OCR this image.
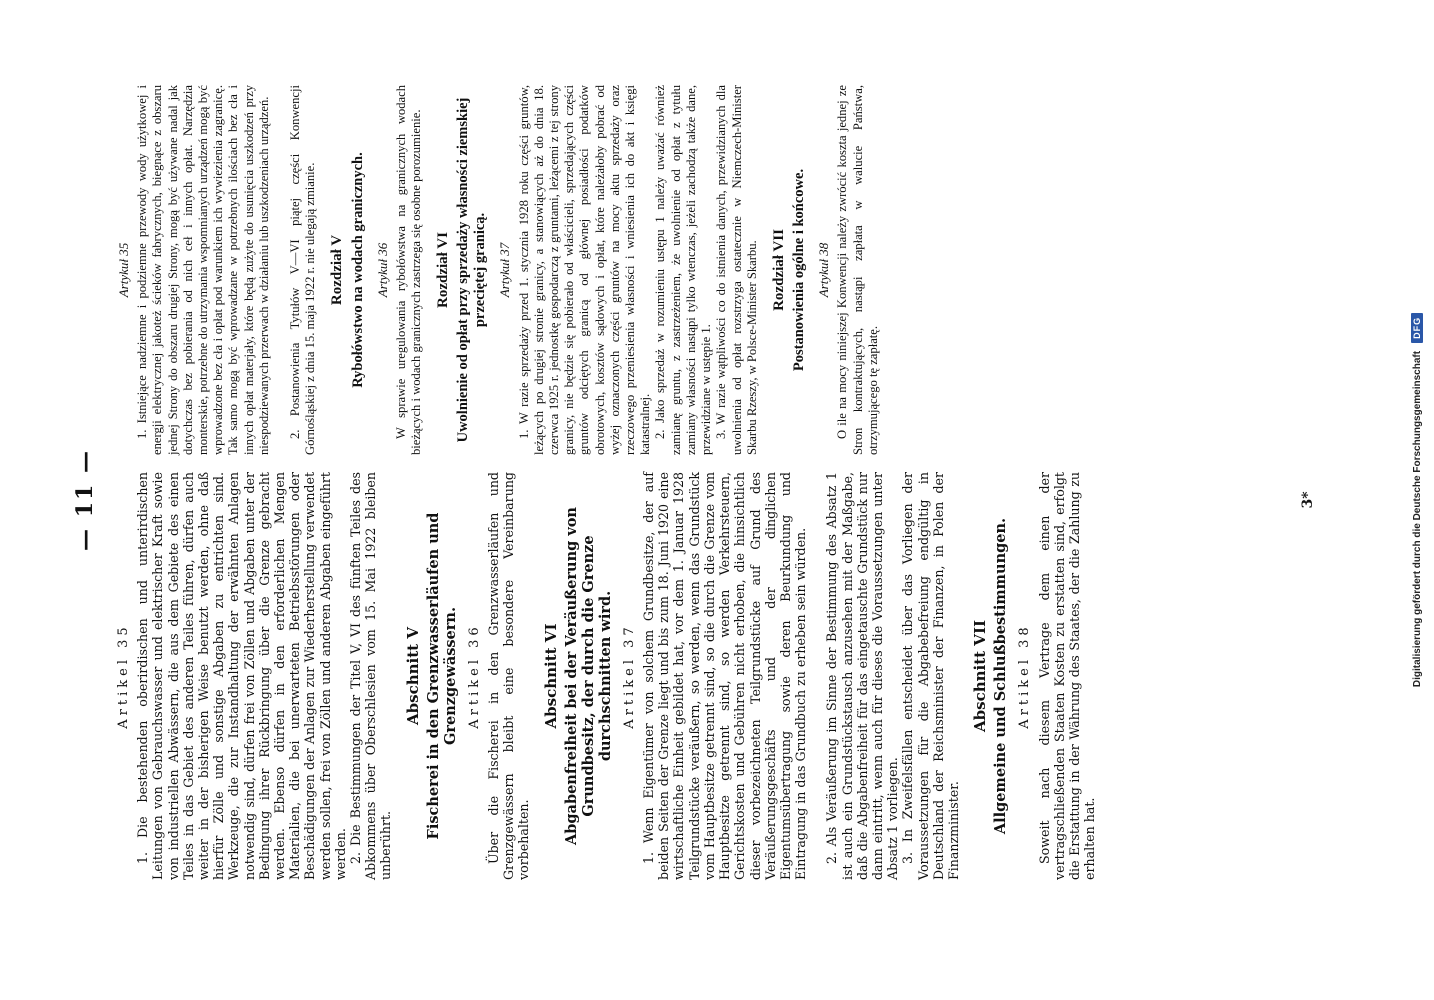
— 11 —
Artikel 35 1. Die bestehenden oberirdischen und unterirdischen Leitungen von Gebrauchswasser und elektrischer Kraft sowie von industriellen Abwässern, die aus dem Gebiete des einen Teiles in das Gebiet des anderen Teiles führen, dürfen auch weiter in der bisherigen Weise benutzt werden, ohne daß hierfür Zölle und sonstige Abgaben zu entrichten sind. Werkzeuge, die zur Instandhaltung der erwähnten Anlagen notwendig sind, dürfen frei von Zöllen und Abgaben unter der Bedingung ihrer Rückbringung über die Grenze gebracht werden. Ebenso dürfen in den erforderlichen Mengen Materialien, die bei unerwarteten Betriebsstörungen oder Beschädigungen der Anlagen zur Wiederherstellung verwendet werden sollen, frei von Zöllen und anderen Abgaben eingeführt werden. 2. Die Bestimmungen der Titel V, VI des fünften Teiles des Abkommens über Oberschlesien vom 15. Mai 1922 bleiben unberührt.

Abschnitt V Fischerei in den Grenzwasserläufen und Grenzgewässern. Artikel 36 Über die Fischerei in den Grenzwasserläufen und Grenzgewässern bleibt eine besondere Vereinbarung vorbehalten.

Abschnitt VI Abgabenfreiheit bei der Veräußerung von Grundbesitz, der durch die Grenze durchschnitten wird. Artikel 37 1. Wenn Eigentümer von solchem Grundbesitze, der auf beiden Seiten der Grenze liegt und bis zum 18. Juni 1920 eine wirtschaftliche Einheit gebildet hat, vor dem 1. Januar 1928 Teilgrundstücke veräußern, so werden, wenn das Grundstück vom Hauptbesitze getrennt sind, so die durch die Grenze vom Hauptbesitze getrennt sind, so werden Verkehrsteuern, Gerichtskosten und Gebühren nicht erhoben, die hinsichtlich dieser vorbezeichneten Teilgrundstücke auf Grund des Veräußerungsgeschäfts und der dinglichen Eigentumsübertragung sowie deren Beurkundung und Eintragung in das Grundbuch zu erheben sein würden. 2. Als Veräußerung im Sinne der Bestimmung des Absatz 1 ist auch ein Grundstückstausch anzusehen mit der Maßgabe, daß die Abgabenfreiheit für das eingetauschte Grundstück nur dann eintritt, wenn auch für dieses die Voraussetzungen unter Absatz 1 vorliegen. 3. In Zweifelsfällen entscheidet über das Vorliegen der Voraussetzungen für die Abgabebefreiung endgültig in Deutschland der Reichsminister der Finanzen, in Polen der Finanzminister.

Abschnitt VII Allgemeine und Schlußbestimmungen. Artikel 38 Soweit nach diesem Vertrage dem einen der vertragschließenden Staaten Kosten zu erstatten sind, erfolgt die Erstattung in der Währung des Staates, der die Zahlung zu erhalten hat.

Artykuł 35 1. Istniejące nadziemne i podziemne przewody wody użytkowej i energji elektrycznej jakoteż ścieków fabrycznych, biegnące z obszaru jednej Strony do obszaru drugiej Strony, mogą być używane nadal jak dotychczas bez pobierania od nich ceł i innych opłat. Narzędzia monterskie, potrzebne do utrzymania wspomnianych urządzeń mogą być wprowadzone bez cła i opłat pod warunkiem ich wywiezienia zagranicę. Tak samo mogą być wprowadzane w potrzebnych ilościach bez cła i innych opłat materjały, które będą zużyte do usunięcia uszkodzeń przy niespodziewanych przerwach w działaniu lub uszkodzeniach urządzeń. 2. Postanowienia Tytułów V—VI piątej części Konwencji Górnośląskiej z dnia 15. maja 1922 r. nie ulegają zmianie. Rozdział V Rybołówstwo na wodach granicznych. Artykuł 36 W sprawie uregulowania rybołówstwa na granicznych wodach bieżących i wodach granicznych zastrzega się osobne porozumienie. Rozdział VI Uwolnienie od opłat przy sprzedaży własności ziemskiej przeciętej granicą. Artykuł 37 1. W razie sprzedaży przed 1. stycznia 1928 roku części gruntów, leżących po drugiej stronie granicy, a stanowiących aż do dnia 18. czerwca 1925 r. jednostkę gospodarczą z gruntami, leżącemi z tej strony granicy, nie będzie się pobierało od właścicieli, sprzedających części gruntów odciętych granicą od głównej posiadłości podatków obrotowych, kosztów sądowych i opłat, które należałoby pobrać od wyżej oznaczonych części gruntów na mocy aktu sprzedaży oraz rzeczowego przeniesienia własności i wniesienia ich do akt i księgi katastralnej. 2. Jako sprzedaż w rozumieniu ustępu 1 należy uważać również zamianę gruntu, z zastrzeżeniem, że uwolnienie od opłat z tytułu zamiany własności nastąpi tylko wtenczas, jeżeli zachodzą także dane, przewidziane w ustępie 1. 3. W razie wątpliwości co do istnienia danych, przewidzianych dla uwolnienia od opłat rozstrzyga ostatecznie w Niemczech-Minister Skarbu Rzeszy, w Polsce-Minister Skarbu. Rozdział VII Postanowienia ogólne i końcowe. Artykuł 38 O ile na mocy niniejszej Konwencji należy zwrócić koszta jednej ze Stron kontraktujących, nastąpi zapłata w walucie Państwa, otrzymującego tę zapłatę.

3*	Digitalisierung gefördert durch die Deutsche Forschungsgemeinschaft
DFG
